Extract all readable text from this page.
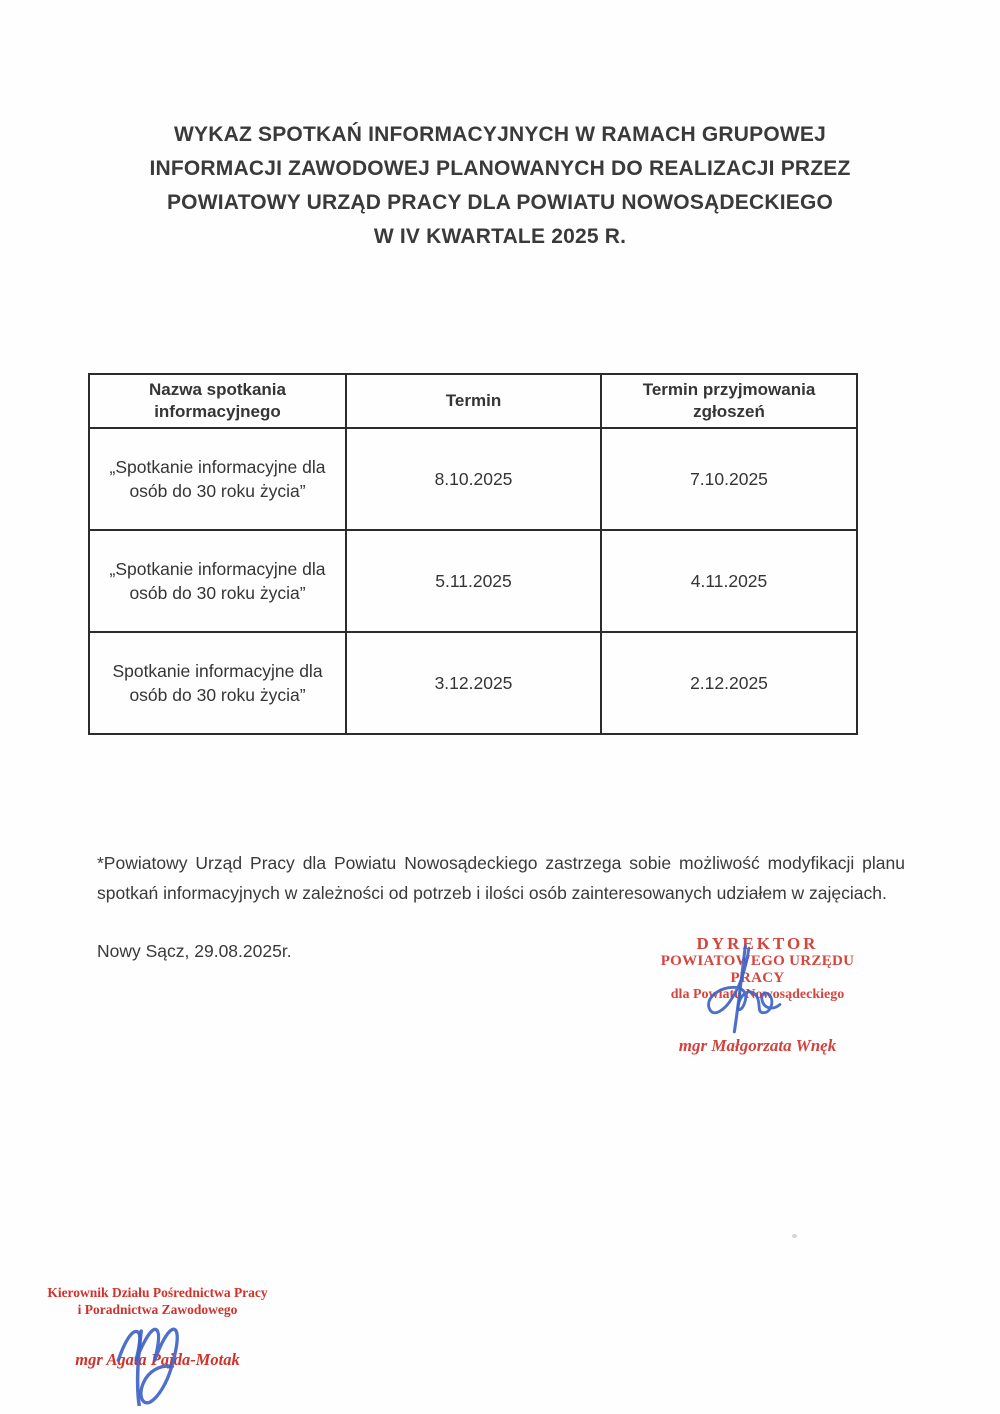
WYKAZ SPOTKAŃ INFORMACYJNYCH W RAMACH GRUPOWEJ
INFORMACJI ZAWODOWEJ PLANOWANYCH DO REALIZACJI PRZEZ
POWIATOWY URZĄD PRACY DLA POWIATU NOWOSĄDECKIEGO
W IV KWARTALE 2025 R.
Nazwa spotkania informacyjnego	Termin	Termin przyjmowania zgłoszeń
„Spotkanie informacyjne dla osób do 30 roku życia”	8.10.2025	7.10.2025
„Spotkanie informacyjne dla osób do 30 roku życia”	5.11.2025	4.11.2025
Spotkanie informacyjne dla osób do 30 roku życia”	3.12.2025	2.12.2025

*Powiatowy Urząd Pracy dla Powiatu Nowosądeckiego zastrzega sobie możliwość modyfikacji planu spotkań informacyjnych w zależności od potrzeb i ilości osób zainteresowanych udziałem w zajęciach.

Nowy Sącz, 29.08.2025r.	DYREKTOR
POWIATOWEGO URZĘDU PRACY
dla Powiatu Nowosądeckiego
mgr Małgorzata Wnęk
Kierownik Działu Pośrednictwa Pracy
i Poradnictwa Zawodowego
mgr Agata Pajda-Motak
